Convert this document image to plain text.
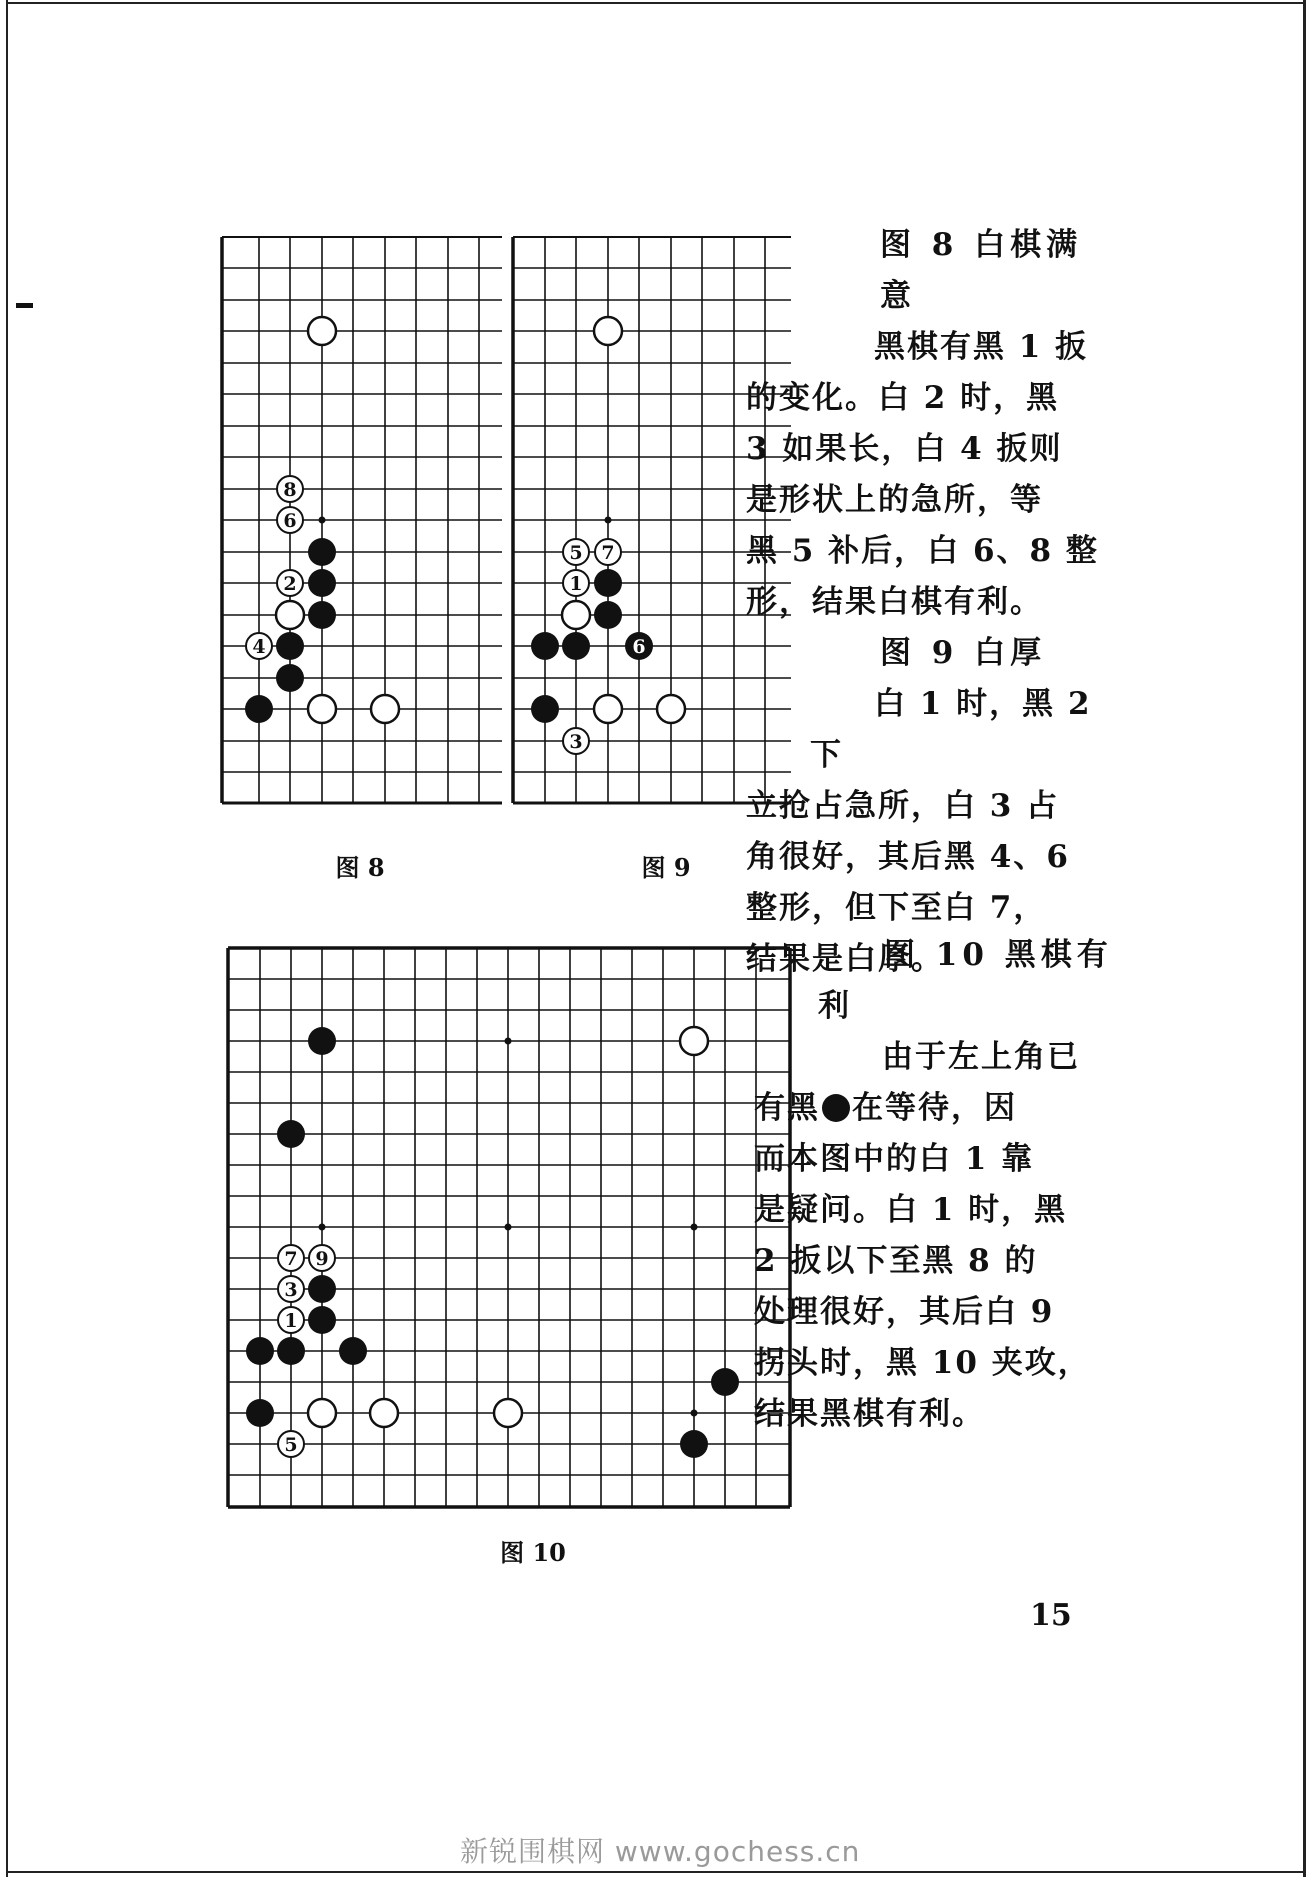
8
6
2
4
图 8
6
5 7
1
3
图 9
图 8 白棋满意
黑棋有黑 1 扳
的变化。白 2 时，黑
3 如果长，白 4 扳则
是形状上的急所，等
黑 5 补后，白 6、8 整
形，结果白棋有利。
图 9 白厚
白 1 时，黑 2 下
立抢占急所，白 3 占
角很好，其后黑 4、6
整形，但下至白 7，
结果是白厚。
7 9
3
1
5
图 10
图 10 黑棋有
利
由于左上角已
有黑 在等待，因
而本图中的白 1 靠
是疑问。白 1 时，黑
2 扳以下至黑 8 的
处理很好，其后白 9
拐头时，黑 10 夹攻，
结果黑棋有利。
15
新锐围棋网 www.gochess.cn
